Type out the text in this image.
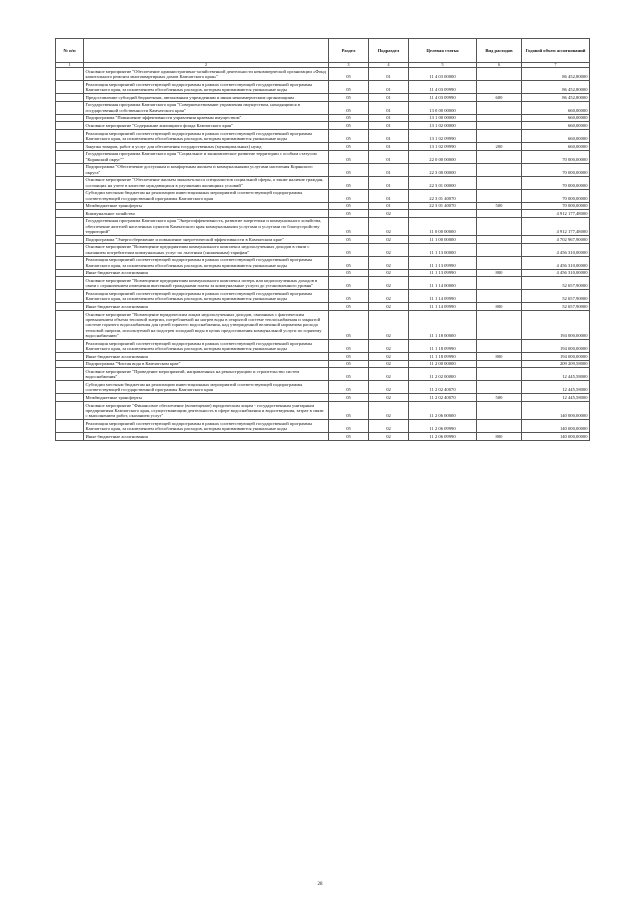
№ п/п		Раздел	Подраздел	Целевая статья	Вид расходов	Годовой объем ассигнований
1	2	3	4	5	6	7
	Основное мероприятие "Обеспечение административно-хозяйственной деятельности некоммерческой организации «Фонд капитального ремонта многоквартирных домов Камчатского края»"	05	01	11 4 03 00000		86 452,80000
	Реализация мероприятий соответствующей подпрограммы в рамках соответствующей государственной программы Камчатского края, за исключением обособленных расходов, которым присваиваются уникальные коды	05	01	11 4 03 09990		86 452,80000
	Предоставление субсидий бюджетным, автономным учреждениям и иным некоммерческим организациям	05	01	11 4 03 09990	600	86 452,80000
	Государственная программа Камчатского края "Совершенствование управления имуществом, находящимся в государственной собственности Камчатского края"	05	01	13 0 00 00000		660,00000
	Подпрограмма "Повышение эффективности управления краевым имуществом"	05	01	13 1 00 00000		660,00000
	Основное мероприятие "Содержание жилищного фонда Камчатского края"	05	01	13 1 02 00000		660,00000
	Реализация мероприятий соответствующей подпрограммы в рамках соответствующей государственной программы Камчатского края, за исключением обособленных расходов, которым присваиваются уникальные коды	05	01	13 1 02 09990		660,00000
	Закупка товаров, работ и услуг для обеспечения государственных (муниципальных) нужд	05	01	13 1 02 09990	200	660,00000
	Государственная программа Камчатского края "Социальное и экономическое развитие территории с особым статусом "Корякский округ""	05	01	22 0 00 00000		70 000,00000
	Подпрограмма "Обеспечение доступным и комфортным жильем и коммунальными услугами населения Корякского округа"	05	01	22 3 00 00000		70 000,00000
	Основное мероприятие "Обеспечение жильем эконом-класса специалистов социальной сферы, а также наличие граждан, состоящих на учете в качестве нуждающихся в улучшении жилищных условий"	05	01	22 3 01 00000		70 000,00000
	Субсидии местным бюджетам на реализацию инвестиционных мероприятий соответствующей подпрограммы соответствующей государственной программы Камчатского края	05	01	22 3 01 40070		70 000,00000
	Межбюджетные трансферты	05	01	22 3 01 40070	500	70 000,00000
	Коммунальное хозяйство	05	02			4 912 177,48000
	Государственная программа Камчатского края "Энергоэффективность, развитие энергетики и коммунального хозяйства, обеспечение жителей населенных пунктов Камчатского края коммунальными услугами и услугами по благоустройству территорий"	05	02	11 0 00 00000		4 912 177,48000
	Подпрограмма "Энергосбережение и повышение энергетической эффективности в Камчатском крае"	05	02	11 1 00 00000		4 702 967,90000
	Основное мероприятие "Возмещение предприятиям коммунального комплекса недополученных доходов в связи с оказанием потребителям коммунальных услуг по льготным (сниженным) тарифам"	05	02	11 1 13 00000		4 456 310,00000
	Реализация мероприятий соответствующей подпрограммы в рамках соответствующей государственной программы Камчатского края, за исключением обособленных расходов, которым присваиваются уникальные коды	05	02	11 1 13 09990		4 456 310,00000
	Иные бюджетные ассигнования	05	02	11 1 13 09990	800	4 456 310,00000
	Основное мероприятие "Возмещение предприятиям коммунального комплекса потерь или недополученных доходов в связи с ограничением изменения внесенной гражданами платы за коммунальные услуги до установленного уровня"	05	02	11 1 14 00000		52 657,90000
	Реализация мероприятий соответствующей подпрограммы в рамках соответствующей государственной программы Камчатского края, за исключением обособленных расходов, которым присваиваются уникальные коды	05	02	11 1 14 09990		52 657,90000
	Иные бюджетные ассигнования	05	02	11 1 14 09990	800	52 657,90000
	Основное мероприятие "Возмещение юридическим лицам недополученных доходов, связанных с фактическим превышением объема тепловой энергии, потребляемой на нагрев воды в открытой системе теплоснабжения и закрытой системе горячего водоснабжения для целей горячего водоснабжения, над утвержденной величиной норматива расхода тепловой энергии, используемой на подогрев холодной воды в целях предоставления коммунальной услуги по горячему водоснабжению"	05	02	11 1 18 00000		194 000,00000
	Реализация мероприятий соответствующей подпрограммы в рамках соответствующей государственной программы Камчатского края, за исключением обособленных расходов, которым присваиваются уникальные коды	05	02	11 1 18 09990		194 000,00000
	Иные бюджетные ассигнования	05	02	11 1 18 09990	800	194 000,00000
	Подпрограмма "Чистая вода в Камчатском крае"	05	02	11 2 00 00000		209 209,58000
	Основное мероприятие "Проведение мероприятий, направленных на реконструкцию и строительство систем водоснабжения"	05	02	11 2 02 00000		12 445,58000
	Субсидии местным бюджетам на реализацию инвестиционных мероприятий соответствующей подпрограммы соответствующей государственной программы Камчатского края	05	02	11 2 02 40070		12 445,58000
	Межбюджетные трансферты	05	02	11 2 02 40070	500	12 445,58000
	Основное мероприятие "Финансовое обеспечение (возмещение) юридическим лицам - государственным унитарным предприятиям Камчатского края, осуществляющим деятельность в сфере водоснабжения и водоотведения, затрат в связи с выполнением работ, оказанием услуг"	05	02	11 2 06 00000		140 000,00000
	Реализация мероприятий соответствующей подпрограммы в рамках соответствующей государственной программы Камчатского края, за исключением обособленных расходов, которым присваиваются уникальные коды	05	02	11 2 06 09990		140 000,00000
	Иные бюджетные ассигнования	05	02	11 2 06 09990	800	140 000,00000
28
